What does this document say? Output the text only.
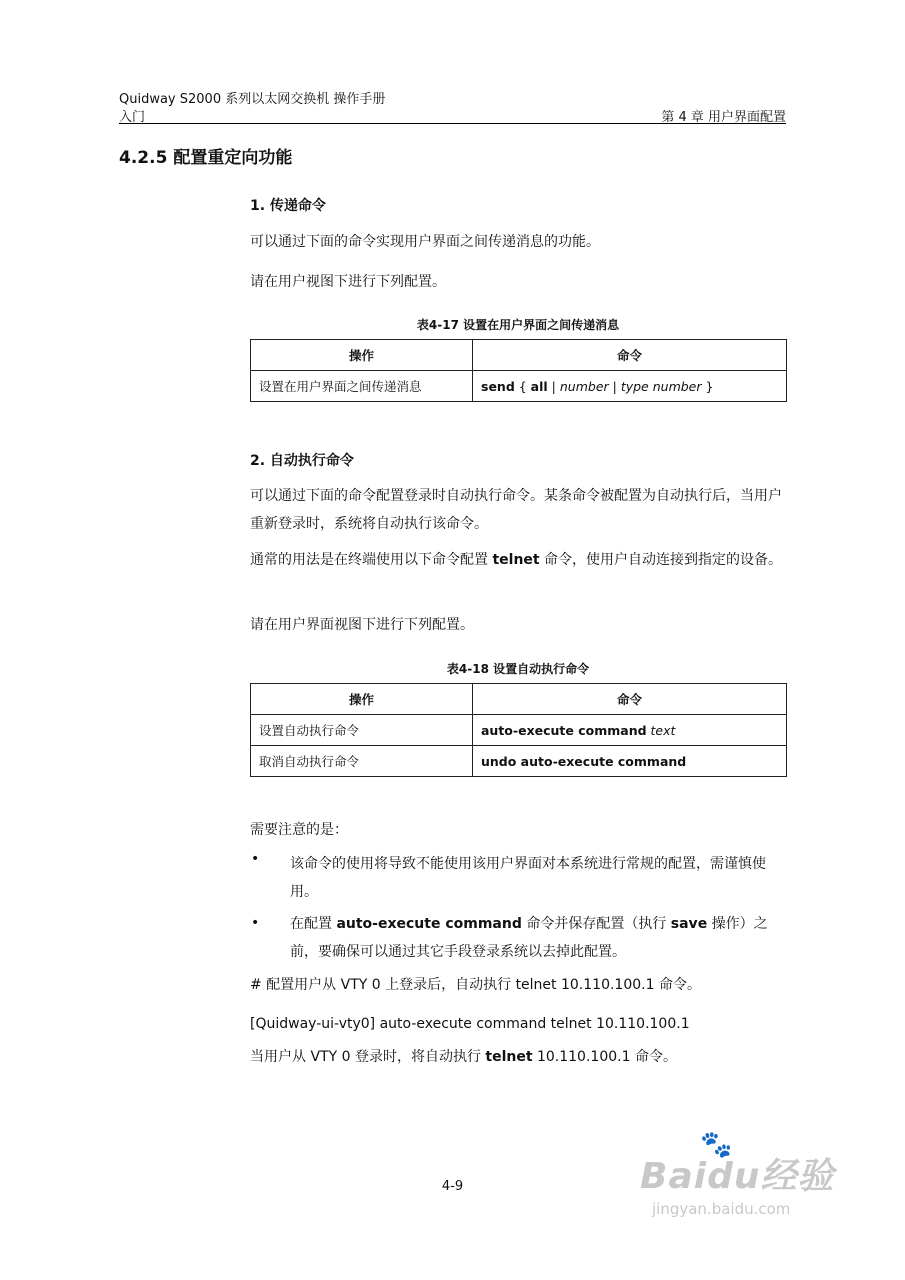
Quidway S2000 系列以太网交换机 操作手册
入门	第 4 章 用户界面配置
4.2.5 配置重定向功能
1. 传递命令
可以通过下面的命令实现用户界面之间传递消息的功能。
请在用户视图下进行下列配置。
表4-17 设置在用户界面之间传递消息
操作	命令
设置在用户界面之间传递消息	send { all | number | type number }
2. 自动执行命令
可以通过下面的命令配置登录时自动执行命令。某条命令被配置为自动执行后，当用户重新登录时，系统将自动执行该命令。
通常的用法是在终端使用以下命令配置 telnet 命令，使用户自动连接到指定的设备。
请在用户界面视图下进行下列配置。
表4-18 设置自动执行命令
操作	命令
设置自动执行命令	auto-execute command text
取消自动执行命令	undo auto-execute command
需要注意的是：
• 该命令的使用将导致不能使用该用户界面对本系统进行常规的配置，需谨慎使用。
• 在配置 auto-execute command 命令并保存配置（执行 save 操作）之前，要确保可以通过其它手段登录系统以去掉此配置。
# 配置用户从 VTY 0 上登录后，自动执行 telnet 10.110.100.1 命令。
[Quidway-ui-vty0] auto-execute command telnet 10.110.100.1
当用户从 VTY 0 登录时，将自动执行 telnet 10.110.100.1 命令。
4-9	Baidu经验
🐾
jingyan.baidu.com
